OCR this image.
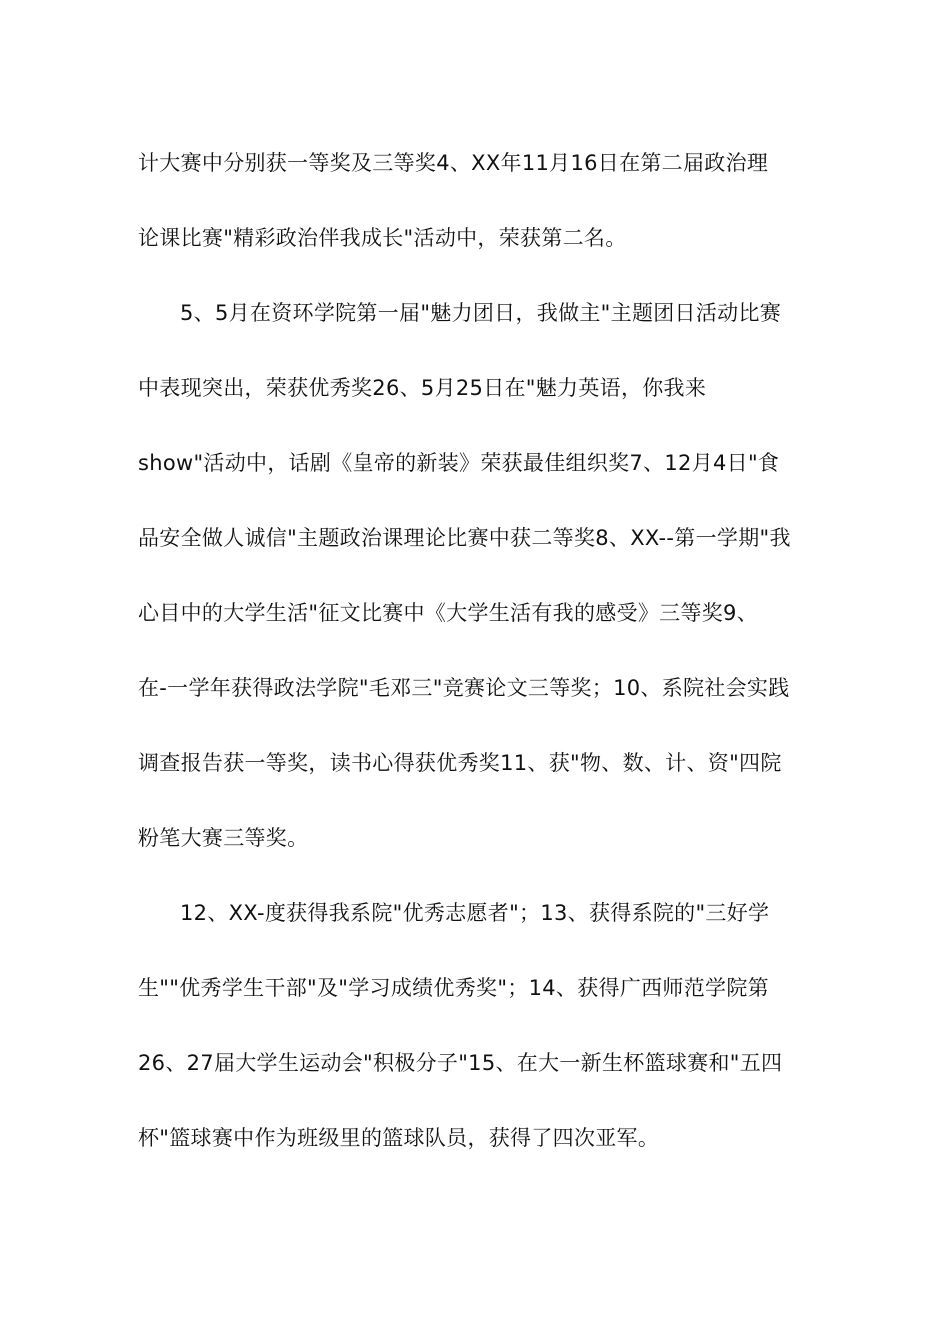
计大赛中分别获一等奖及三等奖4、XX年11月16日在第二届政治理
论课比赛"精彩政治伴我成长"活动中，荣获第二名。
5、5月在资环学院第一届"魅力团日，我做主"主题团日活动比赛
中表现突出，荣获优秀奖26、5月25日在"魅力英语，你我来
show"活动中，话剧《皇帝的新装》荣获最佳组织奖7、12月4日"食
品安全做人诚信"主题政治课理论比赛中获二等奖8、XX--第一学期"我
心目中的大学生活"征文比赛中《大学生活有我的感受》三等奖9、
在-一学年获得政法学院"毛邓三"竞赛论文三等奖；10、系院社会实践
调查报告获一等奖，读书心得获优秀奖11、获"物、数、计、资"四院
粉笔大赛三等奖。
12、XX-度获得我系院"优秀志愿者"；13、获得系院的"三好学
生""优秀学生干部"及"学习成绩优秀奖"；14、获得广西师范学院第
26、27届大学生运动会"积极分子"15、在大一新生杯篮球赛和"五四
杯"篮球赛中作为班级里的篮球队员，获得了四次亚军。
